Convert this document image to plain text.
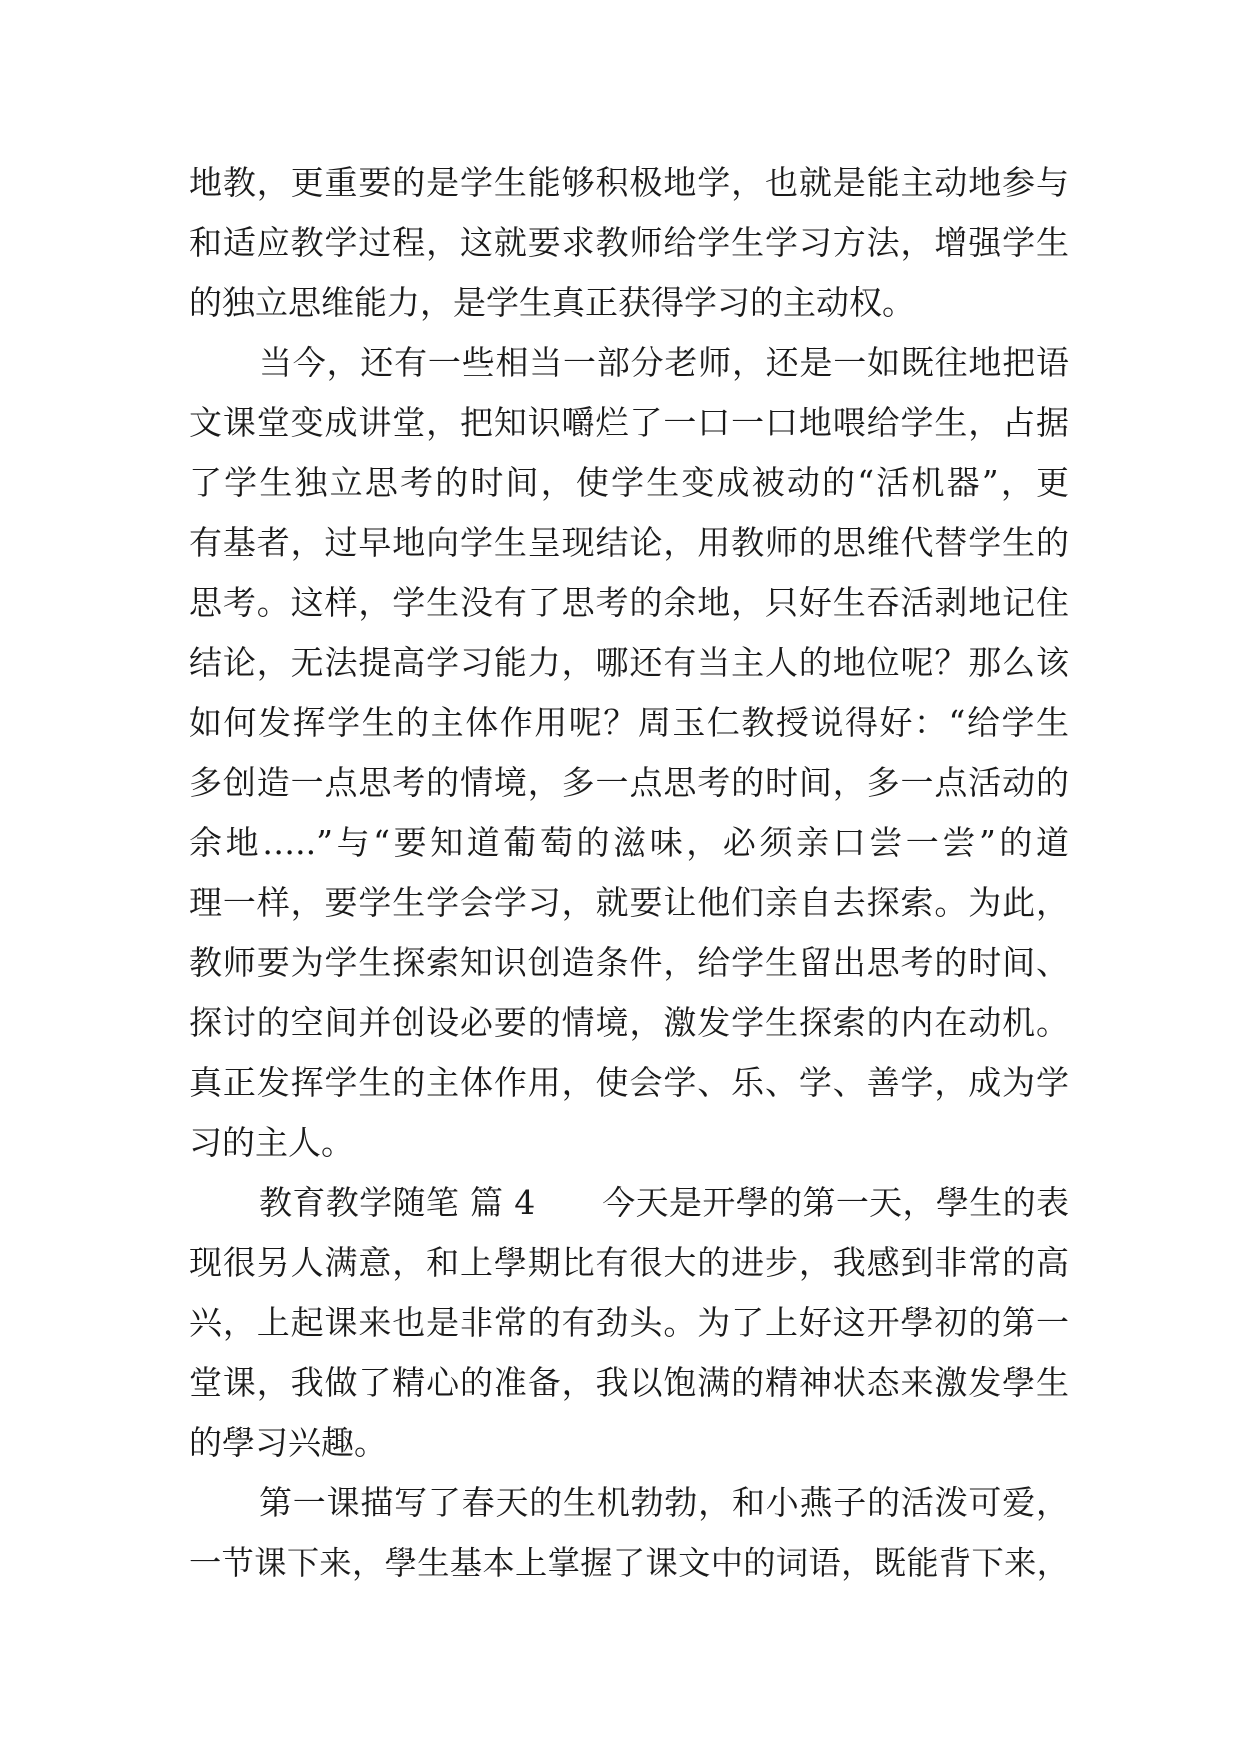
地教，更重要的是学生能够积极地学，也就是能主动地参与
和适应教学过程，这就要求教师给学生学习方法，增强学生
的独立思维能力，是学生真正获得学习的主动权。
当今，还有一些相当一部分老师，还是一如既往地把语
文课堂变成讲堂，把知识嚼烂了一口一口地喂给学生，占据
了学生独立思考的时间，使学生变成被动的“活机器”，更
有基者，过早地向学生呈现结论，用教师的思维代替学生的
思考。这样，学生没有了思考的余地，只好生吞活剥地记住
结论，无法提高学习能力，哪还有当主人的地位呢？那么该
如何发挥学生的主体作用呢？周玉仁教授说得好：“给学生
多创造一点思考的情境，多一点思考的时间，多一点活动的
余地…..”与“要知道葡萄的滋味，必须亲口尝一尝”的道
理一样，要学生学会学习，就要让他们亲自去探索。为此，
教师要为学生探索知识创造条件，给学生留出思考的时间、
探讨的空间并创设必要的情境，激发学生探索的内在动机。
真正发挥学生的主体作用，使会学、乐、学、善学，成为学
习的主人。
教育教学随笔 篇 4　　今天是开學的第一天，學生的表
现很另人满意，和上學期比有很大的进步，我感到非常的高
兴，上起课来也是非常的有劲头。为了上好这开學初的第一
堂课，我做了精心的准备，我以饱满的精神状态来激发學生
的學习兴趣。
第一课描写了春天的生机勃勃，和小燕子的活泼可爱，
一节课下来，學生基本上掌握了课文中的词语，既能背下来，
